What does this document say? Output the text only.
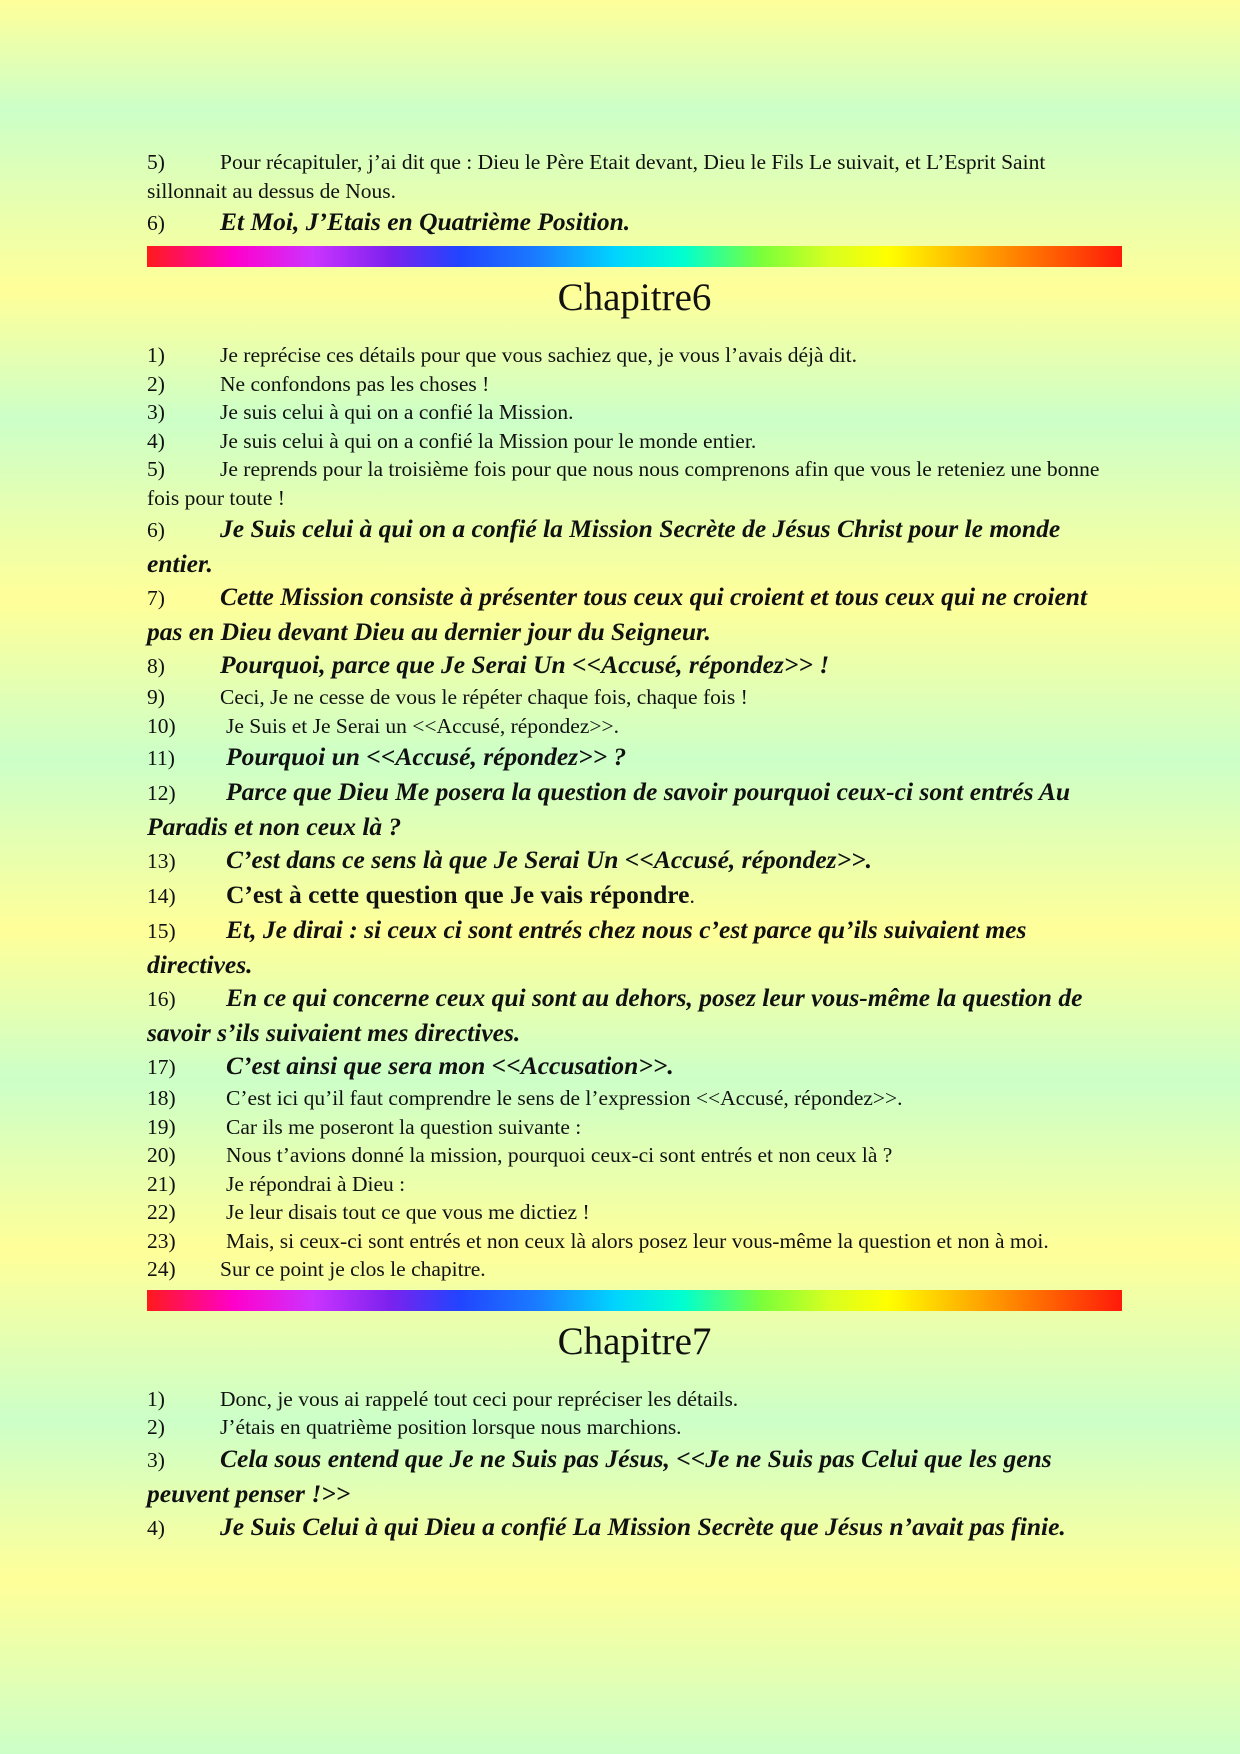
5)	Pour récapituler, j’ai dit que : Dieu le Père Etait devant, Dieu le Fils Le suivait, et L’Esprit Saint sillonnait au dessus de Nous.

6) Et Moi, J’Etais en Quatrième Position.

Chapitre6

1)	Je reprécise ces détails pour que vous sachiez que, je vous l’avais déjà dit.

2)	Ne confondons pas les choses !

3)	Je suis celui à qui on a confié la Mission.

4)	Je suis celui à qui on a confié la Mission pour le monde entier.

5)	Je reprends pour la troisième fois pour que nous nous comprenons afin que vous le reteniez une bonne fois pour toute !

6) Je Suis celui à qui on a confié la Mission Secrète de Jésus Christ pour le monde entier.

7) Cette Mission consiste à présenter tous ceux qui croient et tous ceux qui ne croient pas en Dieu devant Dieu au dernier jour du Seigneur.

8) Pourquoi, parce que Je Serai Un <<Accusé, répondez>> !

9)	Ceci, Je ne cesse de vous le répéter chaque fois, chaque fois !

10) Je Suis et Je Serai un <<Accusé, répondez>>.

11) Pourquoi un <<Accusé, répondez>> ?

12) Parce que Dieu Me posera la question de savoir pourquoi ceux-ci sont entrés Au Paradis et non ceux là ?

13) C’est dans ce sens là que Je Serai Un <<Accusé, répondez>>.

14) C’est à cette question que Je vais répondre.

15) Et, Je dirai : si ceux ci sont entrés chez nous c’est parce qu’ils suivaient mes directives.

16) En ce qui concerne ceux qui sont au dehors, posez leur vous-même la question de savoir s’ils suivaient mes directives.

17) C’est ainsi que sera mon <<Accusation>>.

18) C’est ici qu’il faut comprendre le sens de l’expression <<Accusé, répondez>>.

19) Car ils me poseront la question suivante :

20) Nous t’avions donné la mission, pourquoi ceux-ci sont entrés et non ceux là ?

21) Je répondrai à Dieu :

22) Je leur disais tout ce que vous me dictiez !

23) Mais, si ceux-ci sont entrés et non ceux là alors posez leur vous-même la question et non à moi.

24) Sur ce point je clos le chapitre.

Chapitre7

1)	Donc, je vous ai rappelé tout ceci pour repréciser les détails.

2)	J’étais en quatrième position lorsque nous marchions.

3) Cela sous entend que Je ne Suis pas Jésus, <<Je ne Suis pas Celui que les gens peuvent penser !>>

4) Je Suis Celui à qui Dieu a confié La Mission Secrète que Jésus n’avait pas finie.
